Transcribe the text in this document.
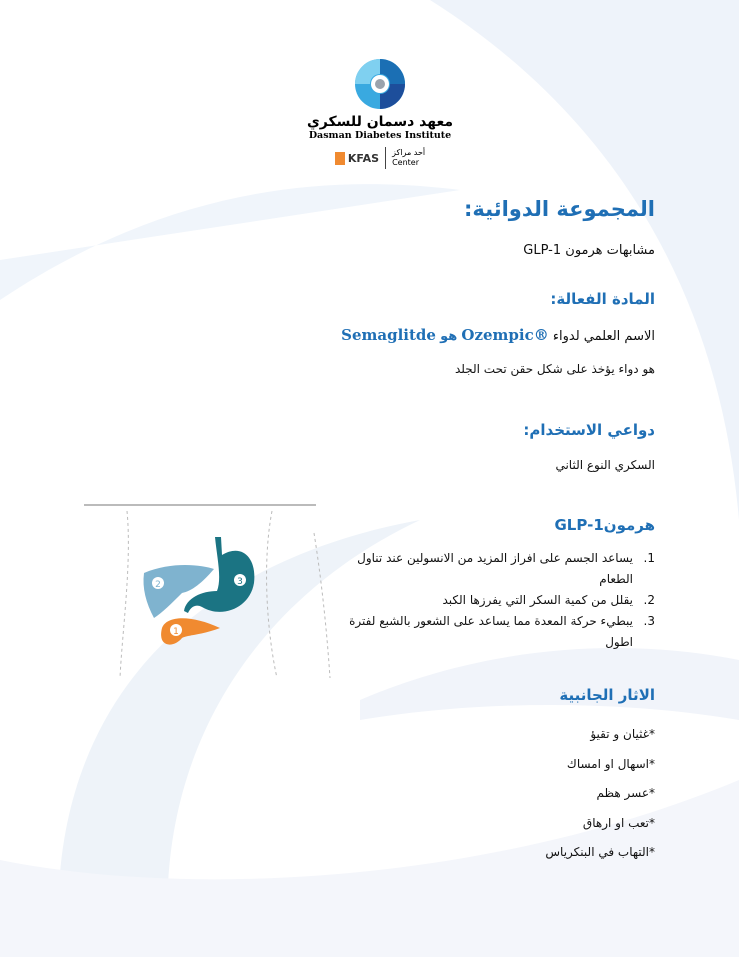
معهد دسمان للسكري
Dasman Diabetes Institute
KFAS أحد مراكز
Center
المجموعة الدوائية:
مشابهات هرمون GLP-1
المادة الفعالة:
الاسم العلمي لدواء Ozempic® هو Semaglitde
هو دواء يؤخذ على شكل حقن تحت الجلد
دواعي الاستخدام:
السكري النوع الثاني
2	3
1
هرمونGLP-1
1.
يساعد الجسم على افراز المزيد من الانسولين عند تناول الطعام
2.
يقلل من كمية السكر التي يفرزها الكبد
3.
يبطيء حركة المعدة مما يساعد على الشعور بالشبع لفترة اطول
الاثار الجانبية
*غثيان و تقيؤ
*اسهال او امساك
*عسر هظم
*تعب او ارهاق
*التهاب في البنكرياس
